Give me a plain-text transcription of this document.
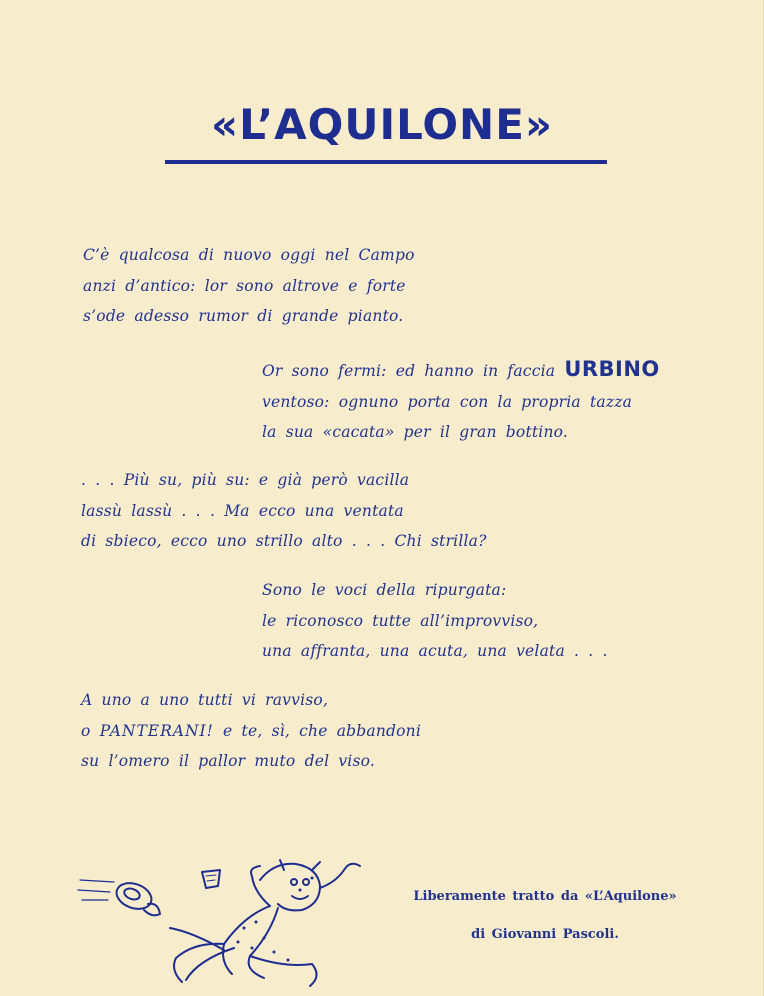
«L’AQUILONE»
C’è qualcosa di nuovo oggi nel Campo
anzi d’antico: lor sono altrove e forte
s’ode adesso rumor di grande pianto.
Or sono fermi: ed hanno in faccia URBINO
ventoso: ognuno porta con la propria tazza
la sua «cacata» per il gran bottino.
. . . Più su, più su: e già però vacilla
lassù lassù . . . Ma ecco una ventata
di sbieco, ecco uno strillo alto . . . Chi strilla?
Sono le voci della ripurgata:
le riconosco tutte all’improvviso,
una affranta, una acuta, una velata . . .
A uno a uno tutti vi ravviso,
o PANTERANI! e te, sì, che abbandoni
su l’omero il pallor muto del viso.
Liberamente tratto da «L’Aquilone»
di Giovanni Pascoli.
